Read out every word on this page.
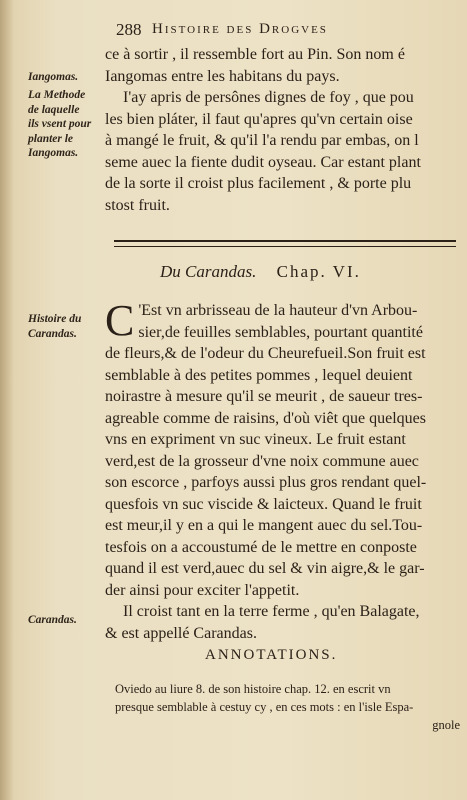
288 Histoire des Drogves
ce à sortir , il ressemble fort au Pin. Son nom é
Iangomas entre les habitans du pays.
I'ay apris de persônes dignes de foy , que pou
les bien pláter, il faut qu'apres qu'vn certain oise
à mangé le fruit, & qu'il l'a rendu par embas, on l
seme auec la fiente dudit oyseau. Car estant plant
de la sorte il croist plus facilement , & porte plu
stost fruit.
Iangomas.
La Methode
de laquelle
ils vsent pour
planter le
Iangomas.
Du Carandas. Chap. VI.
Histoire du
Carandas. C 'Est vn arbrisseau de la hauteur d'vn Arbou-
sier,de feuilles semblables, pourtant quantité
de fleurs,& de l'odeur du Cheurefueil.Son fruit est
semblable à des petites pommes , lequel deuient
noirastre à mesure qu'il se meurit , de saueur tres-
agreable comme de raisins, d'où viêt que quelques
vns en expriment vn suc vineux. Le fruit estant
verd,est de la grosseur d'vne noix commune auec
son escorce , parfoys aussi plus gros rendant quel-
quesfois vn suc viscide & laicteux. Quand le fruit
est meur,il y en a qui le mangent auec du sel.Tou-
tesfois on a accoustumé de le mettre en conposte
quand il est verd,auec du sel & vin aigre,& le gar-
der ainsi pour exciter l'appetit.
Il croist tant en la terre ferme , qu'en Balagate,
& est appellé Carandas.
Carandas.
ANNOTATIONS.
Oviedo au liure 8. de son histoire chap. 12. en escrit vn
presque semblable à cestuy cy , en ces mots : en l'isle Espa-
gnole
